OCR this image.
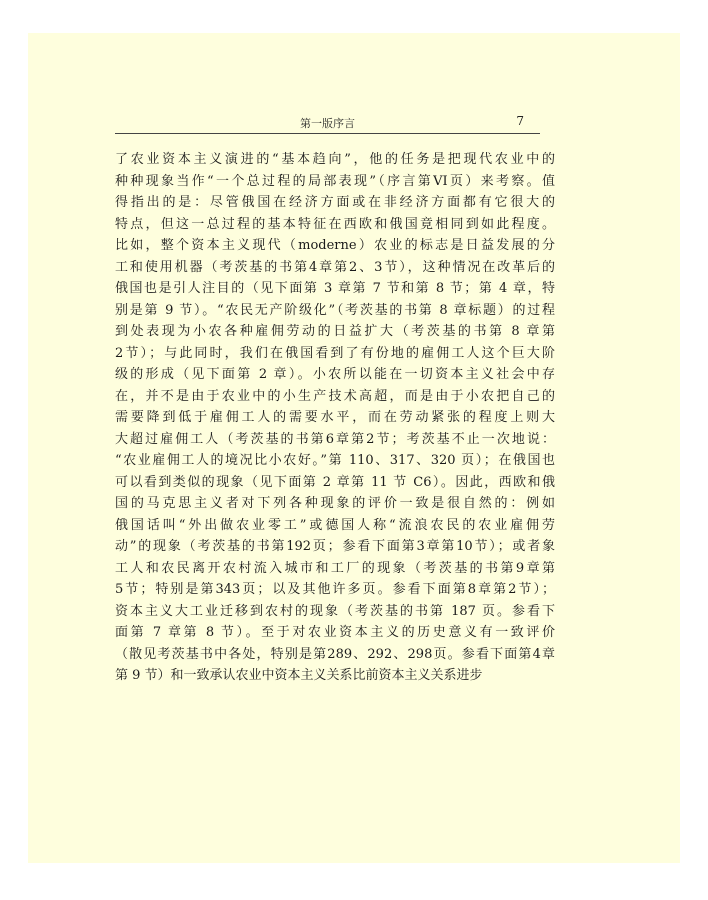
第一版序言	7
了农业资本主义演进的“基本趋向”，他的任务是把现代农业中的
种种现象当作“一个总过程的局部表现”（序言第VI页）来考察。值
得指出的是：尽管俄国在经济方面或在非经济方面都有它很大的
特点，但这一总过程的基本特征在西欧和俄国竟相同到如此程度。
比如，整个资本主义现代（moderne）农业的标志是日益发展的分
工和使用机器（考茨基的书第4章第2、3节），这种情况在改革后的
俄国也是引人注目的（见下面第 3 章第 7 节和第 8 节；第 4 章，特
别是第 9 节）。“农民无产阶级化”（考茨基的书第 8 章标题）的过程
到处表现为小农各种雇佣劳动的日益扩大（考茨基的书第 8 章第
2节）；与此同时，我们在俄国看到了有份地的雇佣工人这个巨大阶
级的形成（见下面第 2 章）。小农所以能在一切资本主义社会中存
在，并不是由于农业中的小生产技术高超，而是由于小农把自己的
需要降到低于雇佣工人的需要水平，而在劳动紧张的程度上则大
大超过雇佣工人（考茨基的书第6章第2节；考茨基不止一次地说：
“农业雇佣工人的境况比小农好。”第 110、317、320 页）；在俄国也
可以看到类似的现象（见下面第 2 章第 11 节 C6）。因此，西欧和俄
国的马克思主义者对下列各种现象的评价一致是很自然的：例如
俄国话叫“外出做农业零工”或德国人称“流浪农民的农业雇佣劳
动”的现象（考茨基的书第192页；参看下面第3章第10节）；或者象
工人和农民离开农村流入城市和工厂的现象（考茨基的书第9章第
5节；特别是第343页；以及其他许多页。参看下面第8章第2节）；
资本主义大工业迁移到农村的现象（考茨基的书第 187 页。参看下
面第 7 章第 8 节）。至于对农业资本主义的历史意义有一致评价
（散见考茨基书中各处，特别是第289、292、298页。参看下面第4章
第 9 节）和一致承认农业中资本主义关系比前资本主义关系进步
